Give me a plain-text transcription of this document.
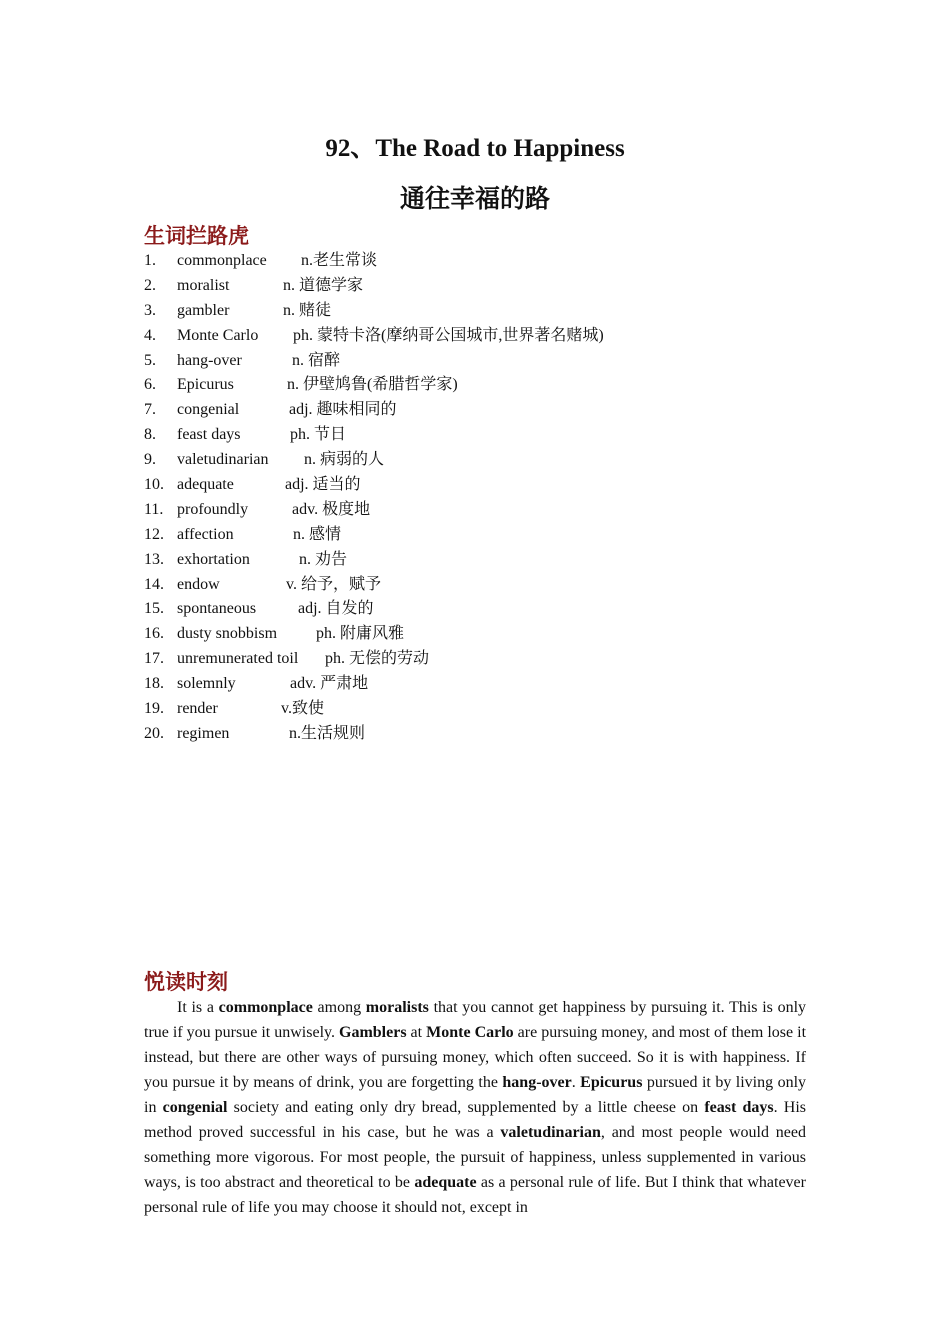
92、The Road to Happiness
通往幸福的路
生词拦路虎
1. commonplace n.老生常谈
2. moralist	n. 道德学家
3. gambler	n. 赌徒
4. Monte Carlo ph. 蒙特卡洛(摩纳哥公国城市,世界著名赌城)
5. hang-over	n. 宿醉
6. Epicurus	n. 伊壁鸠鲁(希腊哲学家)
7. congenial	adj. 趣味相同的
8. feast days	ph. 节日
9. valetudinarian n. 病弱的人
10. adequate	adj. 适当的
11. profoundly	adv. 极度地
12. affection	n. 感情
13. exhortation	n. 劝告
14. endow	v. 给予，赋予
15. spontaneous	adj. 自发的
16. dusty snobbism ph. 附庸风雅
17. unremunerated toil ph. 无偿的劳动
18. solemnly	adv. 严肃地
19. render	v.致使
20. regimen	n.生活规则
悦读时刻

It is a commonplace among moralists that you cannot get happiness by pursuing it. This is only true if you pursue it unwisely. Gamblers at Monte Carlo are pursuing money, and most of them lose it instead, but there are other ways of pursuing money, which often succeed. So it is with happiness. If you pursue it by means of drink, you are forgetting the hang-over. Epicurus pursued it by living only in congenial society and eating only dry bread, supplemented by a little cheese on feast days. His method proved successful in his case, but he was a valetudinarian, and most people would need something more vigorous. For most people, the pursuit of happiness, unless supplemented in various ways, is too abstract and theoretical to be adequate as a personal rule of life. But I think that whatever personal rule of life you may choose it should not, except in
